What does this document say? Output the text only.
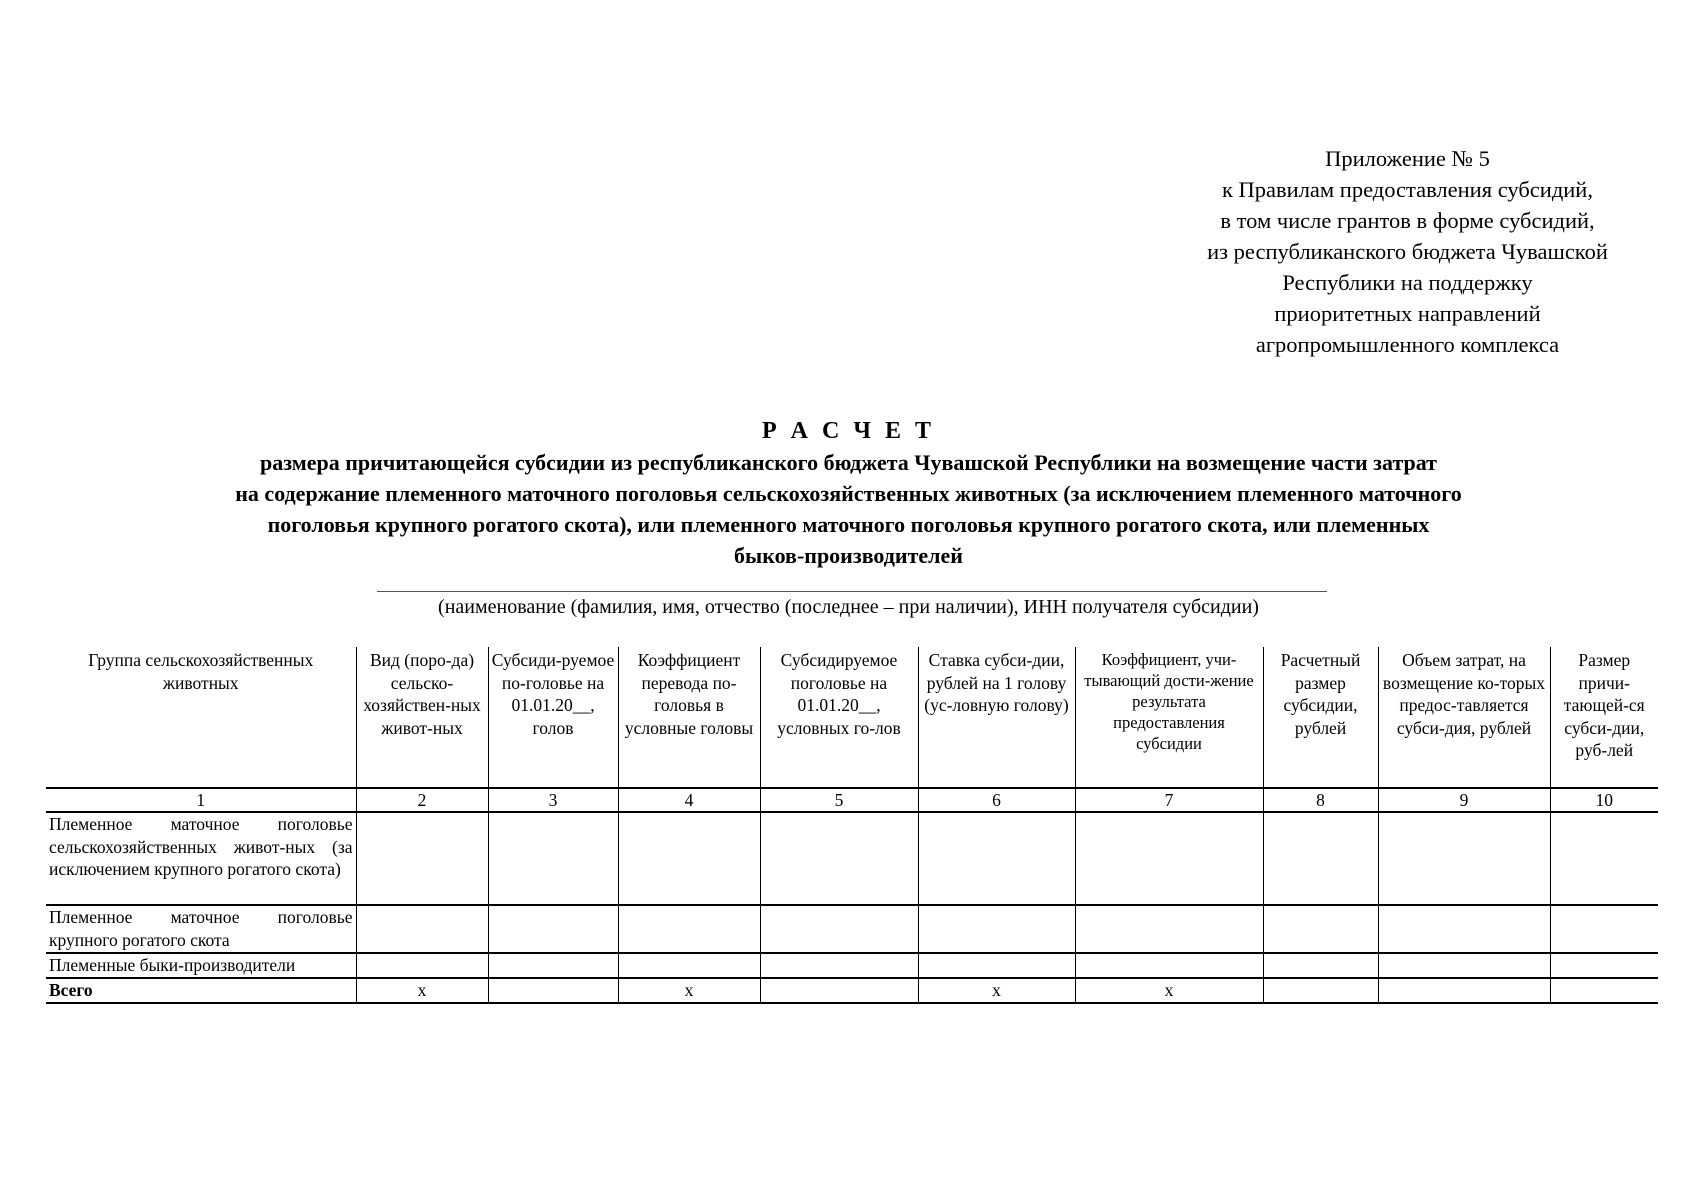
Приложение № 5
к Правилам предоставления субсидий,
в том числе грантов в форме субсидий,
из республиканского бюджета Чувашской
Республики на поддержку
приоритетных направлений
агропромышленного комплекса
Р А С Ч Е Т
размера причитающейся субсидии из республиканского бюджета Чувашской Республики на возмещение части затрат
на содержание племенного маточного поголовья сельскохозяйственных животных (за исключением племенного маточного
поголовья крупного рогатого скота), или племенного маточного поголовья крупного рогатого скота, или племенных
быков-производителей
(наименование (фамилия, имя, отчество (последнее – при наличии), ИНН получателя субсидии)
Группа сельскохозяйственных животных	Вид (поро-да) сельско-хозяйствен-ных живот-ных	Субсиди-руемое по-головье на 01.01.20__, голов	Коэффициент перевода по-головья в условные головы	Субсидируемое поголовье на 01.01.20__, условных го-лов	Ставка субси-дии, рублей на 1 голову (ус-ловную голову)	Коэффициент, учи-тывающий дости-жение результата предоставления субсидии	Расчетный размер субсидии, рублей	Объем затрат, на возмещение ко-торых предос-тавляется субси-дия, рублей	Размер причи-тающей-ся субси-дии, руб-лей
1	2	3	4	5	6	7	8	9	10
Племенное маточное поголовье сельскохозяйственных живот-ных (за исключением крупного рогатого скота)									
Племенное маточное поголовье крупного рогатого скота									
Племенные быки-производители									
Всего	х		х		х	х			
